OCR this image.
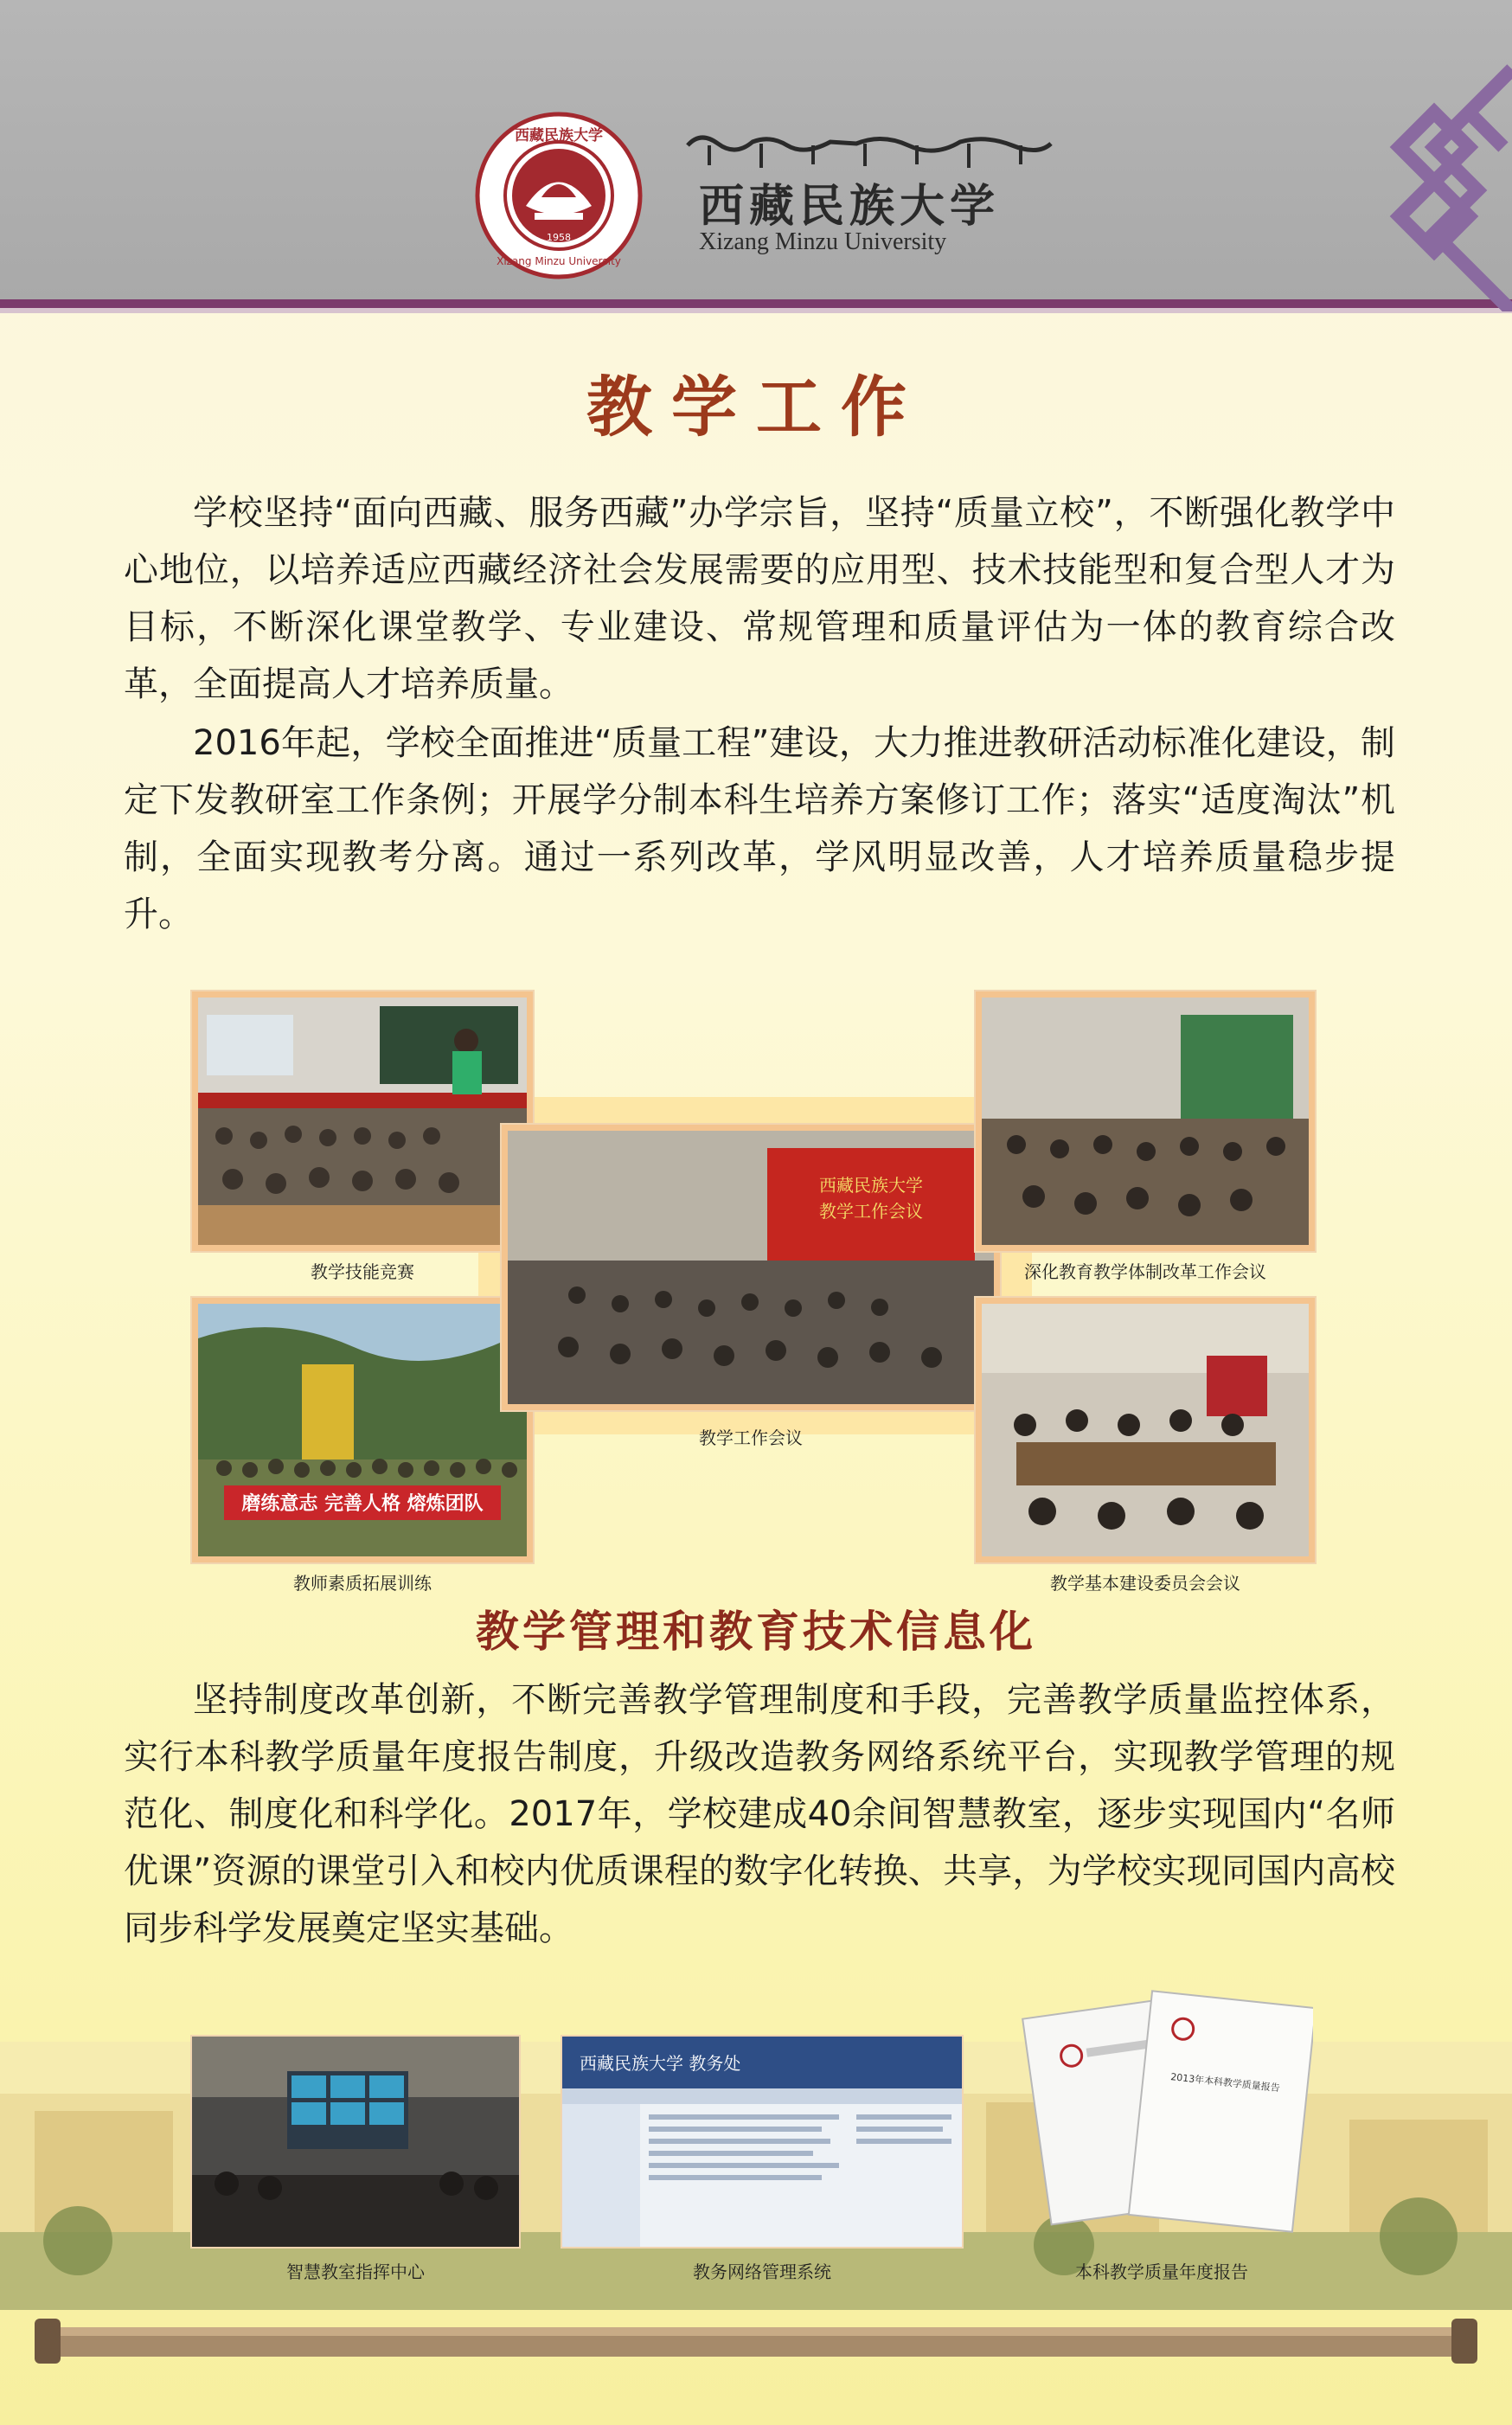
1958
西藏民族大学
Xizang Minzu University
西藏民族大学
Xizang Minzu University
教学工作

学校坚持“面向西藏、服务西藏”办学宗旨，坚持“质量立校”，不断强化教学中心地位，以培养适应西藏经济社会发展需要的应用型、技术技能型和复合型人才为目标，不断深化课堂教学、专业建设、常规管理和质量评估为一体的教育综合改革，全面提高人才培养质量。

2016年起，学校全面推进“质量工程”建设，大力推进教研活动标准化建设，制定下发教研室工作条例；开展学分制本科生培养方案修订工作；落实“适度淘汰”机制，全面实现教考分离。通过一系列改革，学风明显改善，人才培养质量稳步提升。

教学技能竞赛
磨练意志 完善人格 熔炼团队
教师素质拓展训练
西藏民族大学
教学工作会议
教学工作会议
深化教育教学体制改革工作会议
教学基本建设委员会会议
教学管理和教育技术信息化

坚持制度改革创新，不断完善教学管理制度和手段，完善教学质量监控体系，实行本科教学质量年度报告制度，升级改造教务网络系统平台，实现教学管理的规范化、制度化和科学化。2017年，学校建成40余间智慧教室，逐步实现国内“名师优课”资源的课堂引入和校内优质课程的数字化转换、共享，为学校实现同国内高校同步科学发展奠定坚实基础。

智慧教室指挥中心
西藏民族大学 教务处
教务网络管理系统
2013年本科教学质量报告
本科教学质量年度报告
